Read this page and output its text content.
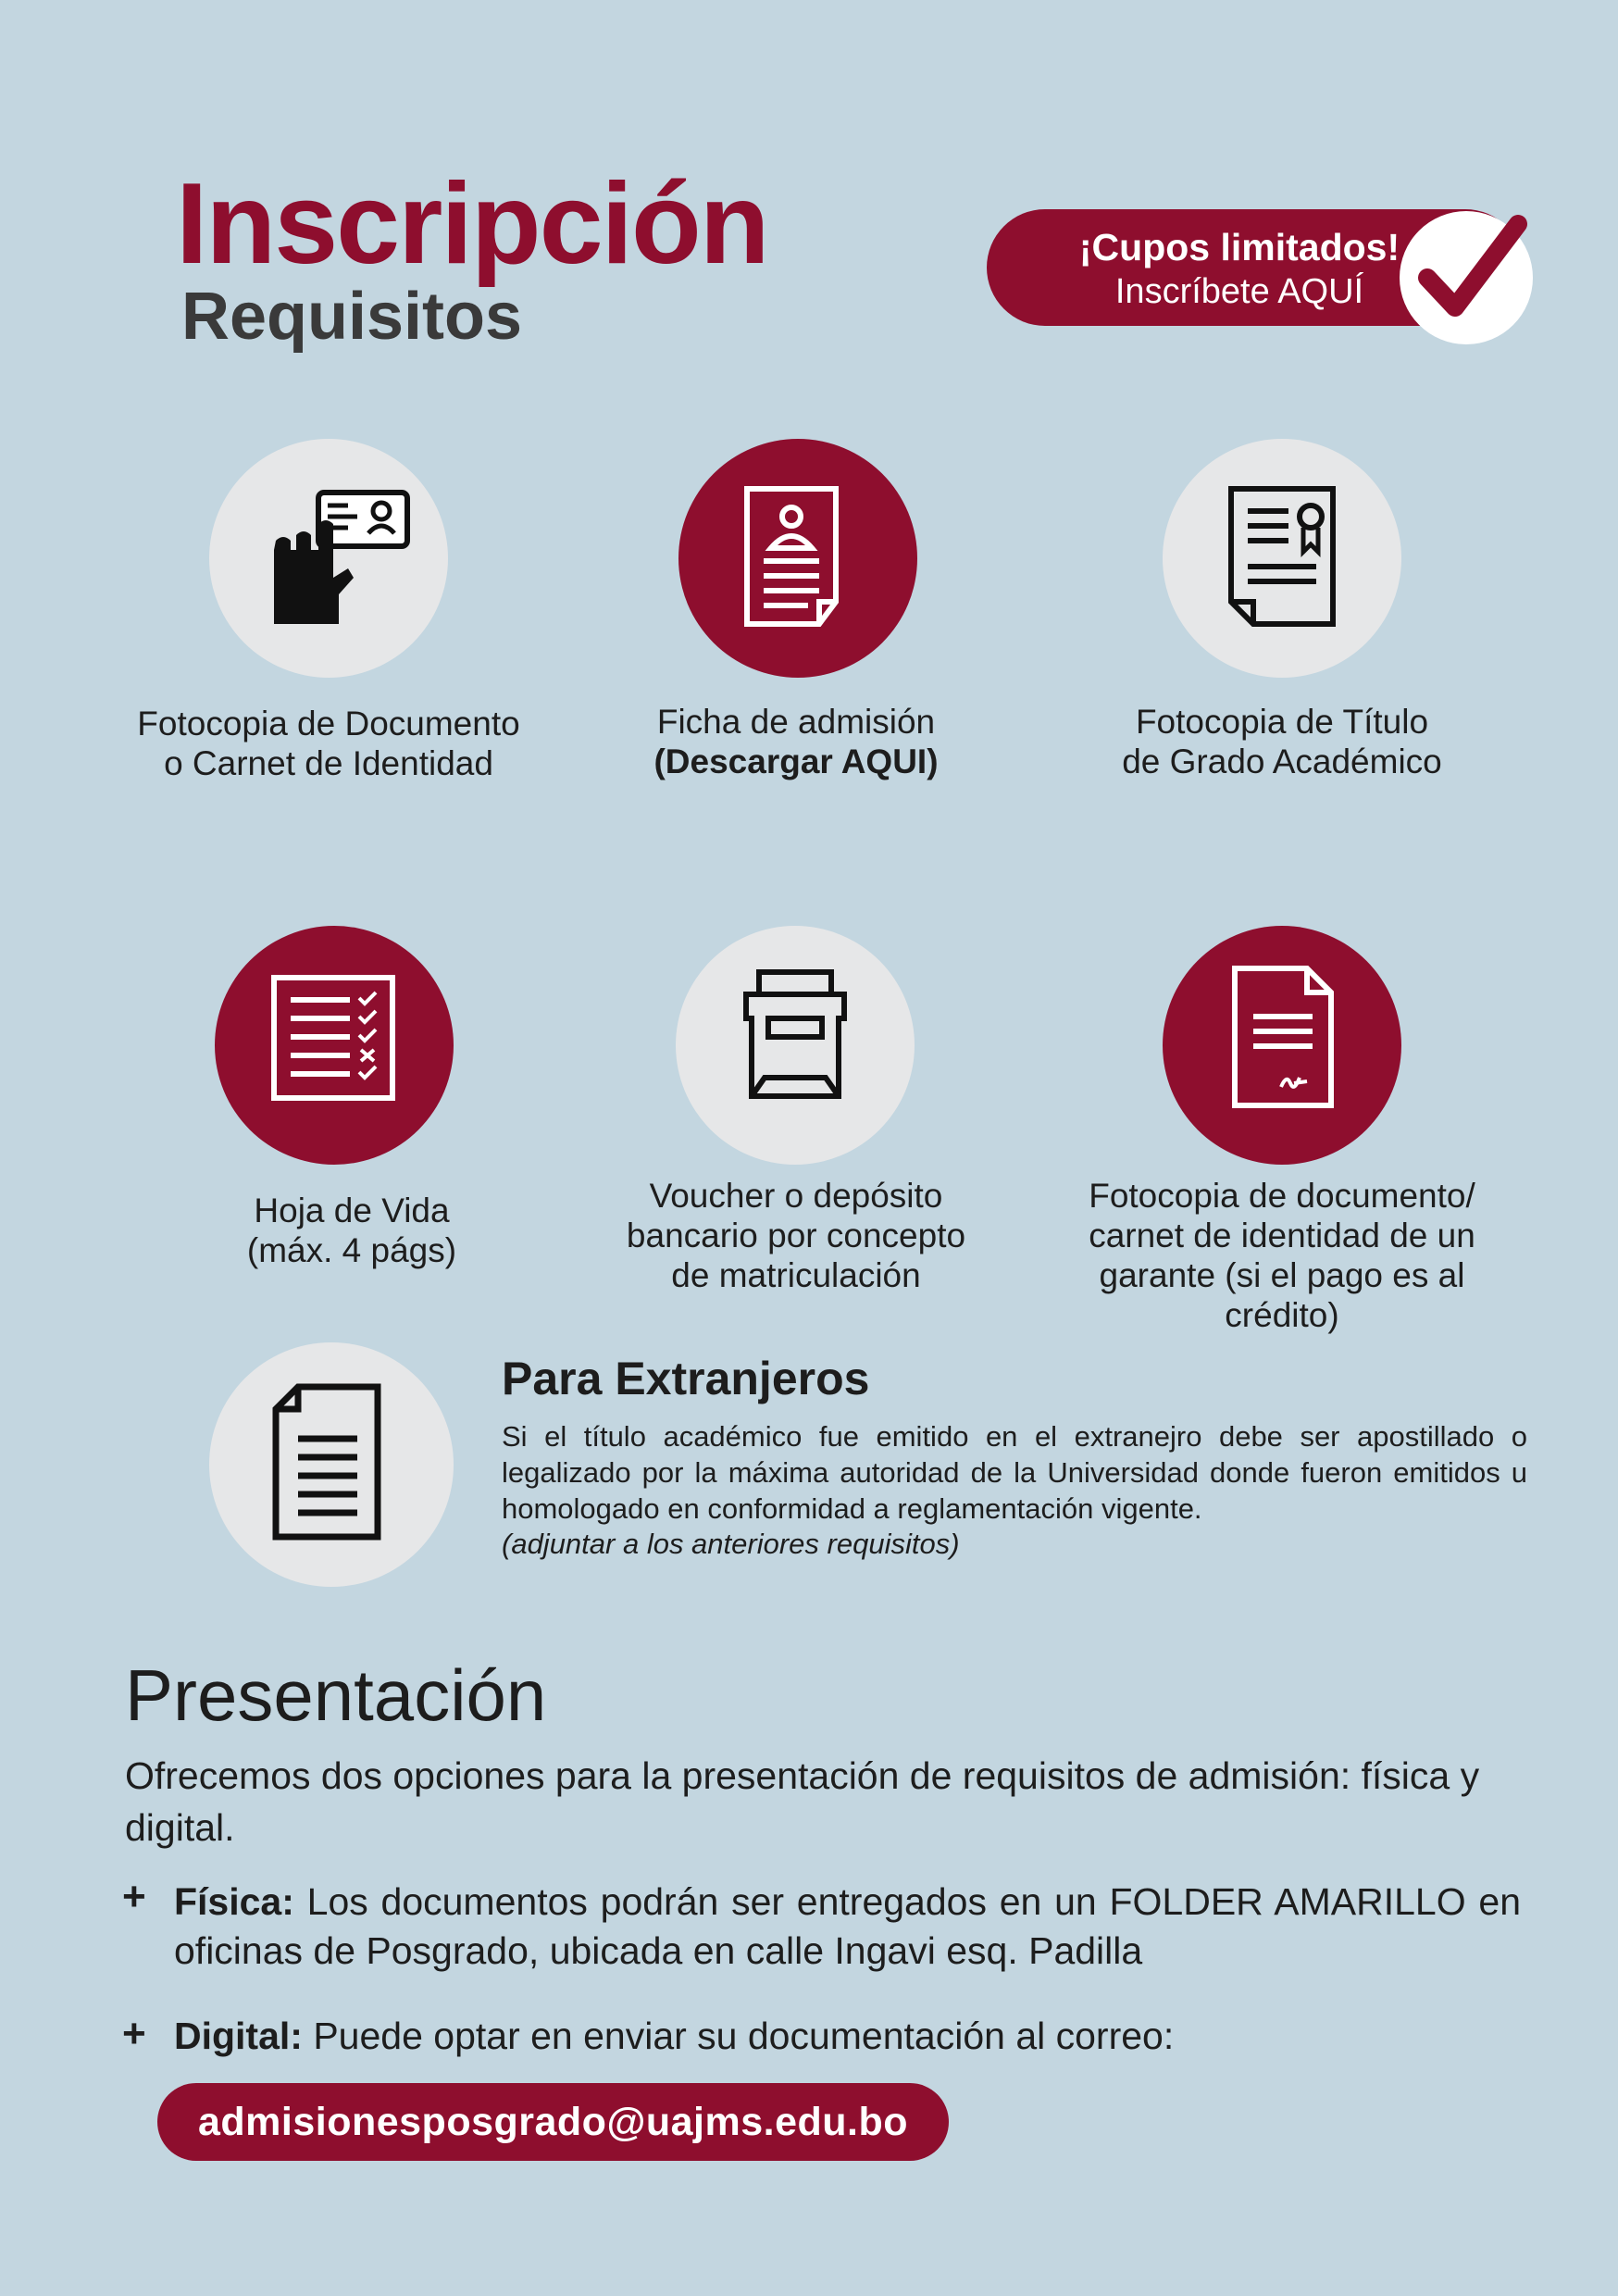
Inscripción
Requisitos
¡Cupos limitados!
Inscríbete AQUÍ
Fotocopia de Documento
o Carnet de Identidad
Ficha de admisión
(Descargar AQUI)
Fotocopia de Título
de Grado Académico
Hoja de Vida
(máx. 4 págs)
Voucher o depósito
bancario por concepto
de matriculación
Fotocopia de documento/
carnet de identidad de un
garante (si el pago es al
crédito)
Para Extranjeros
Si el título académico fue emitido en el extranejro debe ser apostillado o legalizado por la máxima autoridad de la Universidad donde fueron emitidos u homologado en conformidad a reglamentación vigente.
(adjuntar a los anteriores requisitos)
Presentación
Ofrecemos dos opciones para la presentación de requisitos de admisión: física y digital.
+ Física: Los documentos podrán ser entregados en un FOLDER AMARILLO en oficinas de Posgrado, ubicada en calle Ingavi esq. Padilla
+ Digital: Puede optar en enviar su documentación al correo:
admisionesposgrado@uajms.edu.bo
